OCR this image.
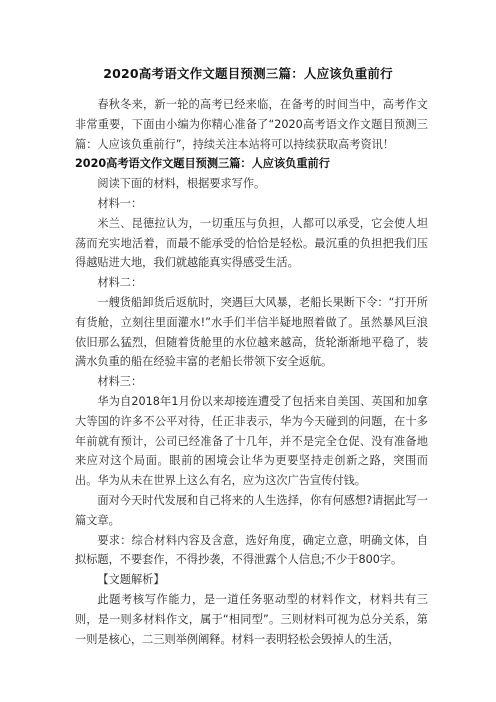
2020高考语文作文题目预测三篇：人应该负重前行

春秋冬来，新一轮的高考已经来临，在备考的时间当中，高考作文非常重要，下面由小编为你精心准备了“2020高考语文作文题目预测三篇：人应该负重前行”，持续关注本站将可以持续获取高考资讯！

2020高考语文作文题目预测三篇：人应该负重前行

阅读下面的材料，根据要求写作。

材料一：

米兰、昆德拉认为，一切重压与负担，人都可以承受，它会使人坦荡而充实地活着，而最不能承受的恰恰是轻松。最沉重的负担把我们压得越贴进大地，我们就越能真实得感受生活。

材料二：

一艘货船卸货后返航时，突遇巨大风暴，老船长果断下令：“打开所有货舱，立刻往里面灌水!”水手们半信半疑地照着做了。虽然暴风巨浪依旧那么猛烈，但随着货舱里的水位越来越高，货轮渐渐地平稳了，装满水负重的船在经验丰富的老船长带领下安全返航。

材料三：

华为自2018年1月份以来却接连遭受了包括来自美国、英国和加拿大等国的许多不公平对待，任正非表示，华为今天碰到的问题，在十多年前就有预计，公司已经准备了十几年，并不是完全仓促、没有准备地来应对这个局面。眼前的困境会让华为更要坚持走创新之路，突围而出。华为从未在世界上这么有名，应为这次广告宣传付钱。

面对今天时代发展和自己将来的人生选择，你有何感想?请据此写一篇文章。

要求：综合材料内容及含意，选好角度，确定立意，明确文体，自拟标题，不要套作，不得抄袭，不得泄露个人信息;不少于800字。

【文题解析】

此题考核写作能力，是一道任务驱动型的材料作文，材料共有三则，是一则多材料作文，属于“相同型”。三则材料可视为总分关系，第一则是核心，二三则举例阐释。材料一表明轻松会毁掉人的生活，
